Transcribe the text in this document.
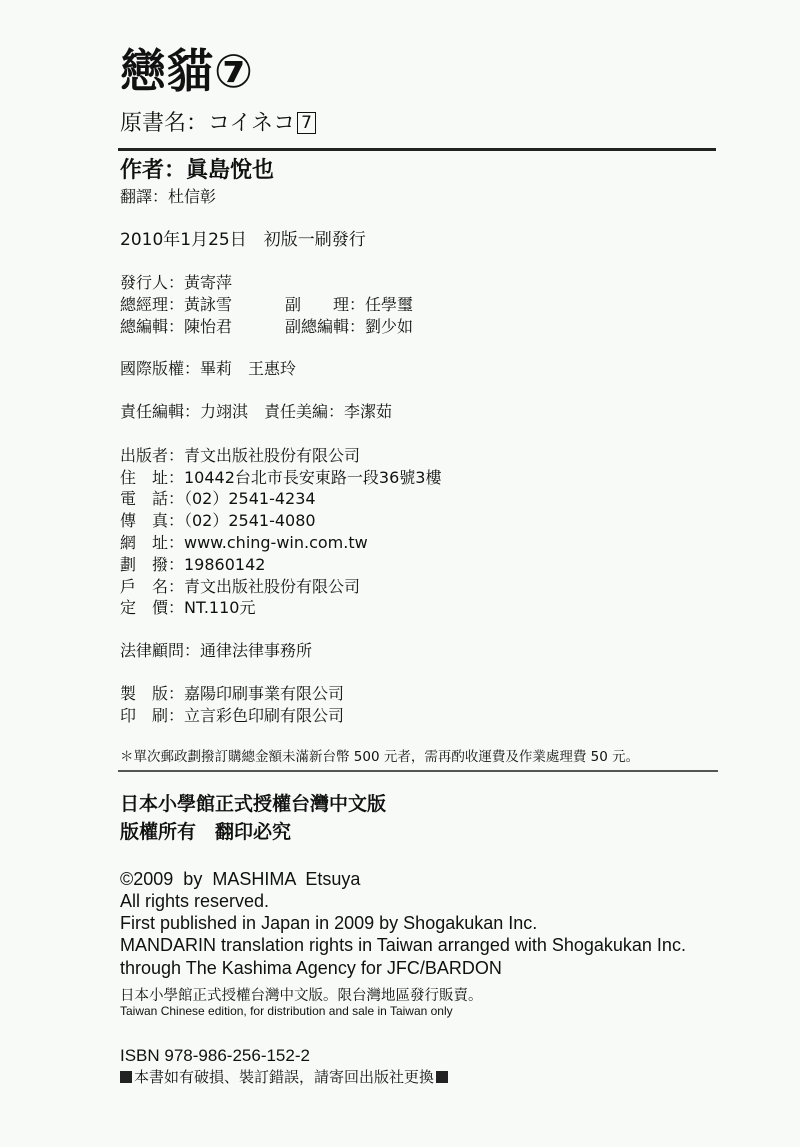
戀貓⑦
原書名：コイネコ 7
作者：眞島悅也
翻譯：杜信彰
2010年1月25日　初版一刷發行
發行人：黃寄萍
總經理：黃詠雪	副　　理：任學璽
總編輯：陳怡君	副總編輯：劉少如
國際版權：畢莉　王惠玲
責任編輯：力翊淇　責任美編：李潔茹
出版者：青文出版社股份有限公司
住　址：10442台北市長安東路一段36號3樓
電　話：（02）2541-4234
傳　真：（02）2541-4080
網　址：www.ching-win.com.tw
劃　撥：19860142
戶　名：青文出版社股份有限公司
定　價：NT.110元
法律顧問：通律法律事務所
製　版：嘉陽印刷事業有限公司
印　刷：立言彩色印刷有限公司
＊單次郵政劃撥訂購總金額未滿新台幣 500 元者，需再酌收運費及作業處理費 50 元。
日本小學館正式授權台灣中文版
版權所有　翻印必究
©2009  by  MASHIMA  Etsuya
All rights reserved.
First published in Japan in 2009 by Shogakukan Inc.
MANDARIN translation rights in Taiwan arranged with Shogakukan Inc.
through The Kashima Agency for JFC/BARDON
日本小學館正式授權台灣中文版。限台灣地區發行販賣。
Taiwan Chinese edition, for distribution and sale in Taiwan only
ISBN 978-986-256-152-2
本書如有破損、裝訂錯誤，請寄回出版社更換
